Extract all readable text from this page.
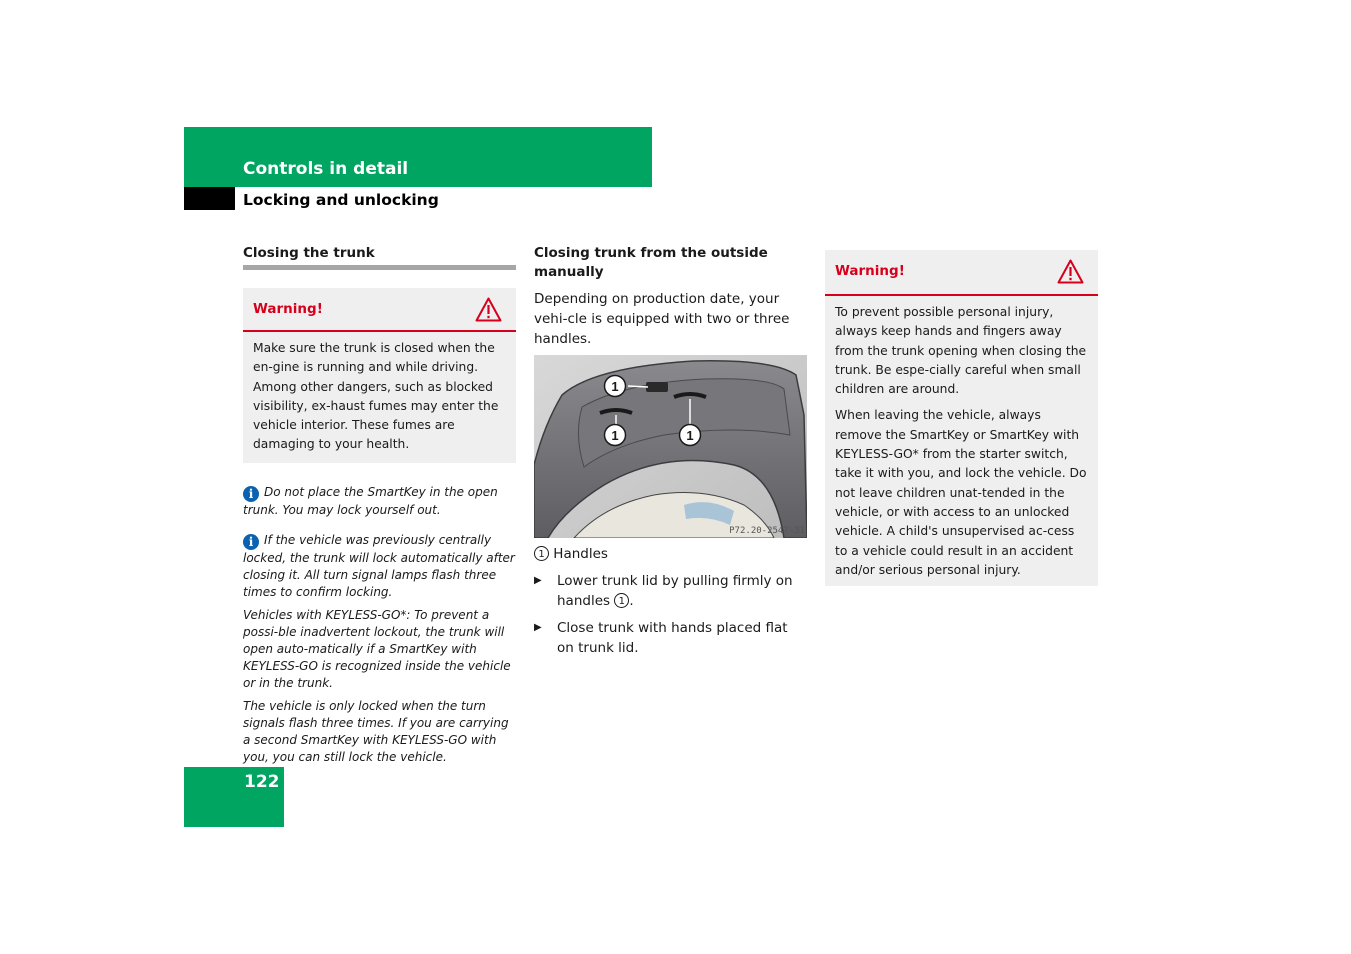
Controls in detail
Locking and unlocking
Closing the trunk
Warning!

Make sure the trunk is closed when the en-gine is running and while driving. Among other dangers, such as blocked visibility, ex-haust fumes may enter the vehicle interior. These fumes are damaging to your health.

i Do not place the SmartKey in the open trunk. You may lock yourself out.

i If the vehicle was previously centrally locked, the trunk will lock automatically after closing it. All turn signal lamps flash three times to confirm locking.

Vehicles with KEYLESS-GO*: To prevent a possi-ble inadvertent lockout, the trunk will open auto-matically if a SmartKey with KEYLESS-GO is recognized inside the vehicle or in the trunk.

The vehicle is only locked when the turn signals flash three times. If you are carrying a second SmartKey with KEYLESS-GO with you, you can still lock the vehicle.

Closing trunk from the outside manually

Depending on production date, your vehi-cle is equipped with two or three handles.

1
1	1
P72.20-2547-31

1 Handles

▶ Lower trunk lid by pulling firmly on handles 1 .
▶ Close trunk with hands placed flat on trunk lid.
Warning!

To prevent possible personal injury, always keep hands and fingers away from the trunk opening when closing the trunk. Be espe-cially careful when small children are around.

When leaving the vehicle, always remove the SmartKey or SmartKey with KEYLESS-GO* from the starter switch, take it with you, and lock the vehicle. Do not leave children unat-tended in the vehicle, or with access to an unlocked vehicle. A child's unsupervised ac-cess to a vehicle could result in an accident and/or serious personal injury.

122
